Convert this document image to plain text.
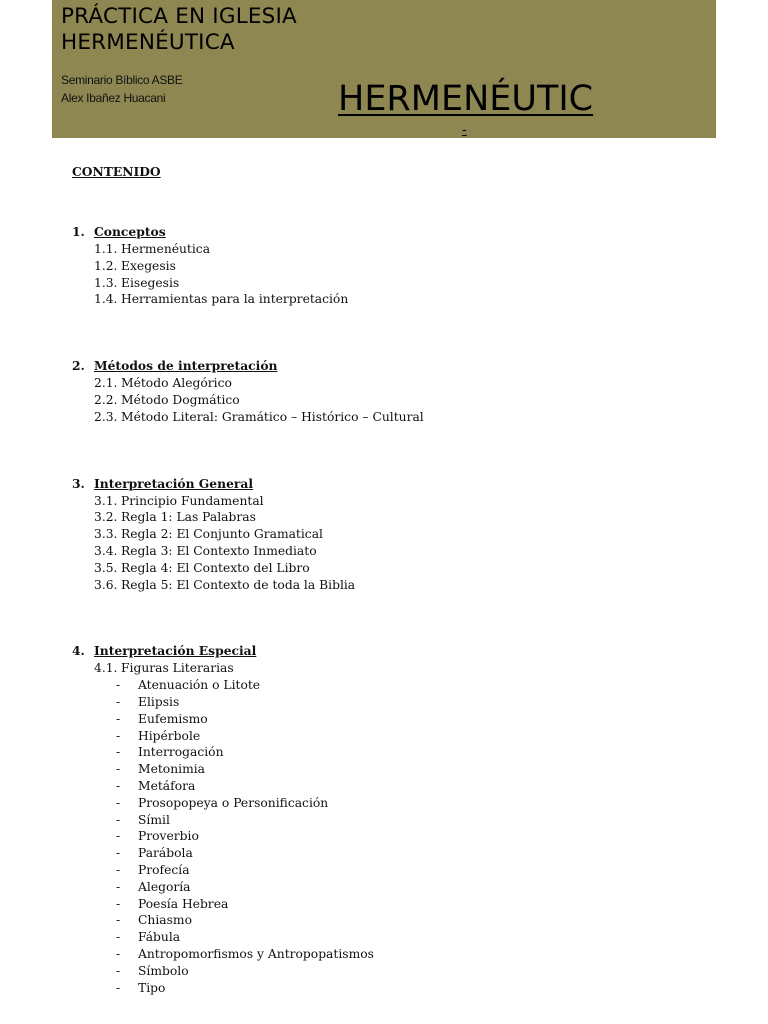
PRÁCTICA EN IGLESIA
HERMENÉUTICA
Seminario Bíblico ASBE
Alex Ibañez Huacani	HERMENÉUTIC
-

CONTENIDO

1. Conceptos
1.1. Hermenéutica
1.2. Exegesis
1.3. Eisegesis
1.4. Herramientas para la interpretación
2. Métodos de interpretación
2.1. Método Alegórico
2.2. Método Dogmático
2.3. Método Literal: Gramático – Histórico – Cultural
3. Interpretación General
3.1. Principio Fundamental
3.2. Regla 1: Las Palabras
3.3. Regla 2: El Conjunto Gramatical
3.4. Regla 3: El Contexto Inmediato
3.5. Regla 4: El Contexto del Libro
3.6. Regla 5: El Contexto de toda la Biblia
4. Interpretación Especial
4.1. Figuras Literarias
-	Atenuación o Litote
-	Elipsis
-	Eufemismo
-	Hipérbole
-	Interrogación
-	Metonimia
-	Metáfora
-	Prosopopeya o Personificación
-	Símil
-	Proverbio
-	Parábola
-	Profecía
-	Alegoría
-	Poesía Hebrea
-	Chiasmo
-	Fábula
-	Antropomorfismos y Antropopatismos
-	Símbolo
-	Tipo
